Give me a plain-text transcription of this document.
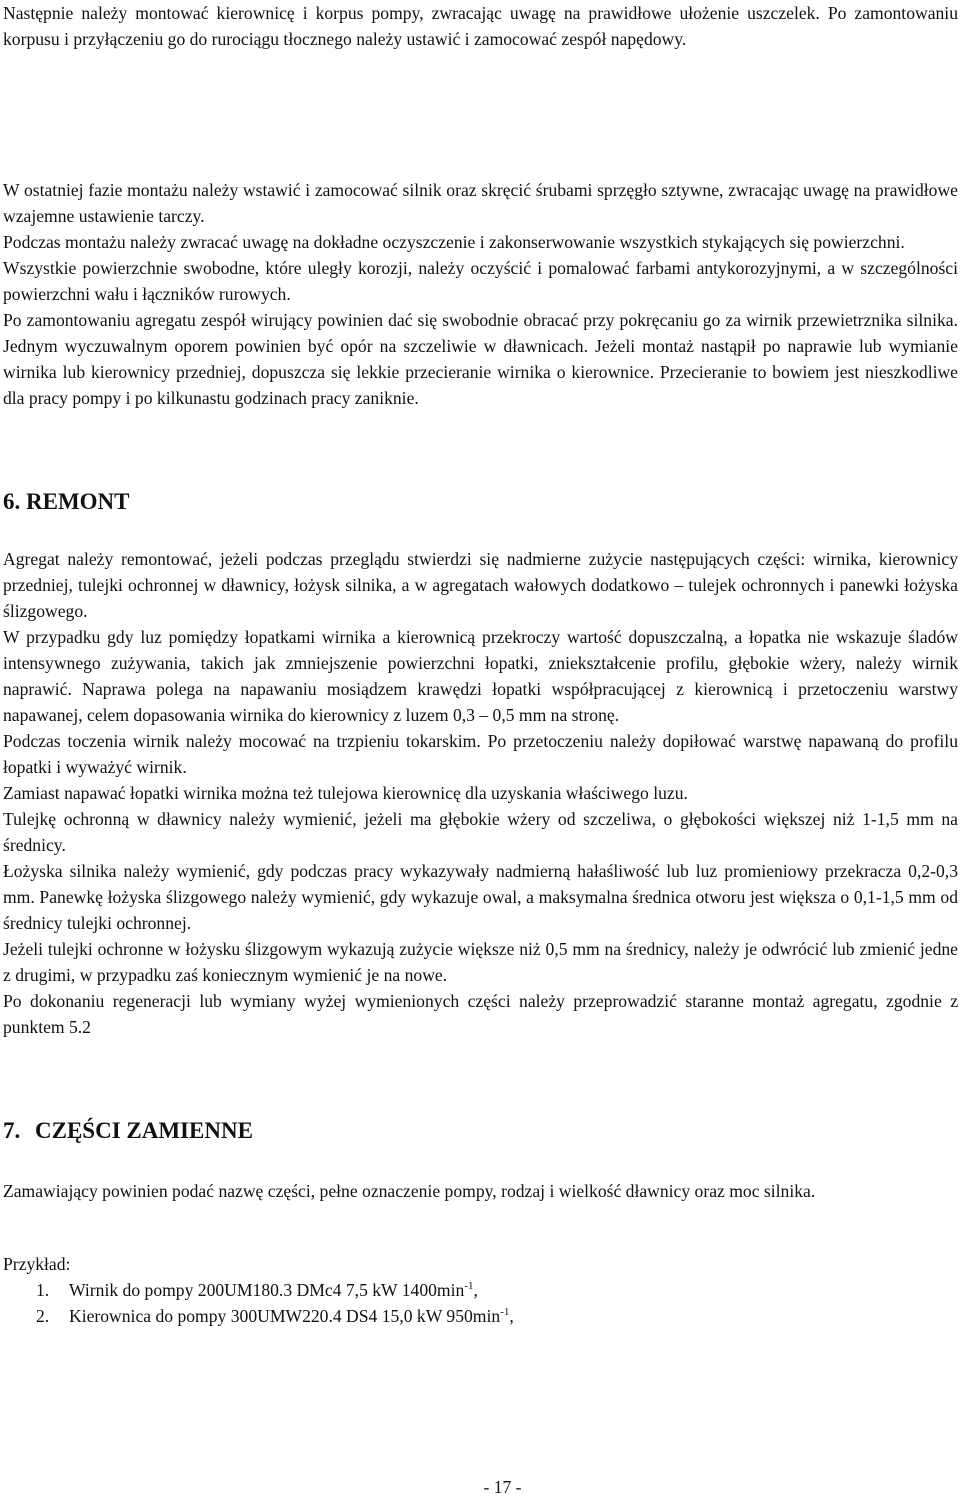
Następnie należy montować kierownicę i korpus pompy, zwracając uwagę na prawidłowe ułożenie uszczelek. Po zamontowaniu korpusu i przyłączeniu go do rurociągu tłocznego należy ustawić i zamocować zespół napędowy.

W ostatniej fazie montażu należy wstawić i zamocować silnik oraz skręcić śrubami sprzęgło sztywne, zwracając uwagę na prawidłowe wzajemne ustawienie tarczy.

Podczas montażu należy zwracać uwagę na dokładne oczyszczenie i zakonserwowanie wszystkich stykających się powierzchni.

Wszystkie powierzchnie swobodne, które uległy korozji, należy oczyścić i pomalować farbami antykorozyjnymi, a w szczególności powierzchni wału i łączników rurowych.

Po zamontowaniu agregatu zespół wirujący powinien dać się swobodnie obracać przy pokręcaniu go za wirnik przewietrznika silnika. Jednym wyczuwalnym oporem powinien być opór na szczeliwie w dławnicach. Jeżeli montaż nastąpił po naprawie lub wymianie wirnika lub kierownicy przedniej, dopuszcza się lekkie przecieranie wirnika o kierownice. Przecieranie to bowiem jest nieszkodliwe dla pracy pompy i po kilkunastu godzinach pracy zaniknie.

6. REMONT

Agregat należy remontować, jeżeli podczas przeglądu stwierdzi się nadmierne zużycie następujących części: wirnika, kierownicy przedniej, tulejki ochronnej w dławnicy, łożysk silnika, a w agregatach wałowych dodatkowo – tulejek ochronnych i panewki łożyska ślizgowego.

W przypadku gdy luz pomiędzy łopatkami wirnika a kierownicą przekroczy wartość dopuszczalną, a łopatka nie wskazuje śladów intensywnego zużywania, takich jak zmniejszenie powierzchni łopatki, zniekształcenie profilu, głębokie wżery, należy wirnik naprawić. Naprawa polega na napawaniu mosiądzem krawędzi łopatki współpracującej z kierownicą i przetoczeniu warstwy napawanej, celem dopasowania wirnika do kierownicy z luzem 0,3 – 0,5 mm na stronę.

Podczas toczenia wirnik należy mocować na trzpieniu tokarskim. Po przetoczeniu należy dopiłować warstwę napawaną do profilu łopatki i wyważyć wirnik.

Zamiast napawać łopatki wirnika można też tulejowa kierownicę dla uzyskania właściwego luzu.

Tulejkę ochronną w dławnicy należy wymienić, jeżeli ma głębokie wżery od szczeliwa, o głębokości większej niż 1-1,5 mm na średnicy.

Łożyska silnika należy wymienić, gdy podczas pracy wykazywały nadmierną hałaśliwość lub luz promieniowy przekracza 0,2-0,3 mm. Panewkę łożyska ślizgowego należy wymienić, gdy wykazuje owal, a maksymalna średnica otworu jest większa o 0,1-1,5 mm od średnicy tulejki ochronnej.

Jeżeli tulejki ochronne w łożysku ślizgowym wykazują zużycie większe niż 0,5 mm na średnicy, należy je odwrócić lub zmienić jedne z drugimi, w przypadku zaś koniecznym wymienić je na nowe.

Po dokonaniu regeneracji lub wymiany wyżej wymienionych części należy przeprowadzić staranne montaż agregatu, zgodnie z punktem 5.2

7. CZĘŚCI ZAMIENNE
Zamawiający powinien podać nazwę części, pełne oznaczenie pompy, rodzaj i wielkość dławnicy oraz moc silnika.
Przykład:
1. Wirnik do pompy 200UM180.3 DMc4 7,5 kW $1400\min^{-1}$,
2. Kierownica do pompy 300UMW220.4 DS4 15,0 kW $950\min^{-1}$,
- 17 -
